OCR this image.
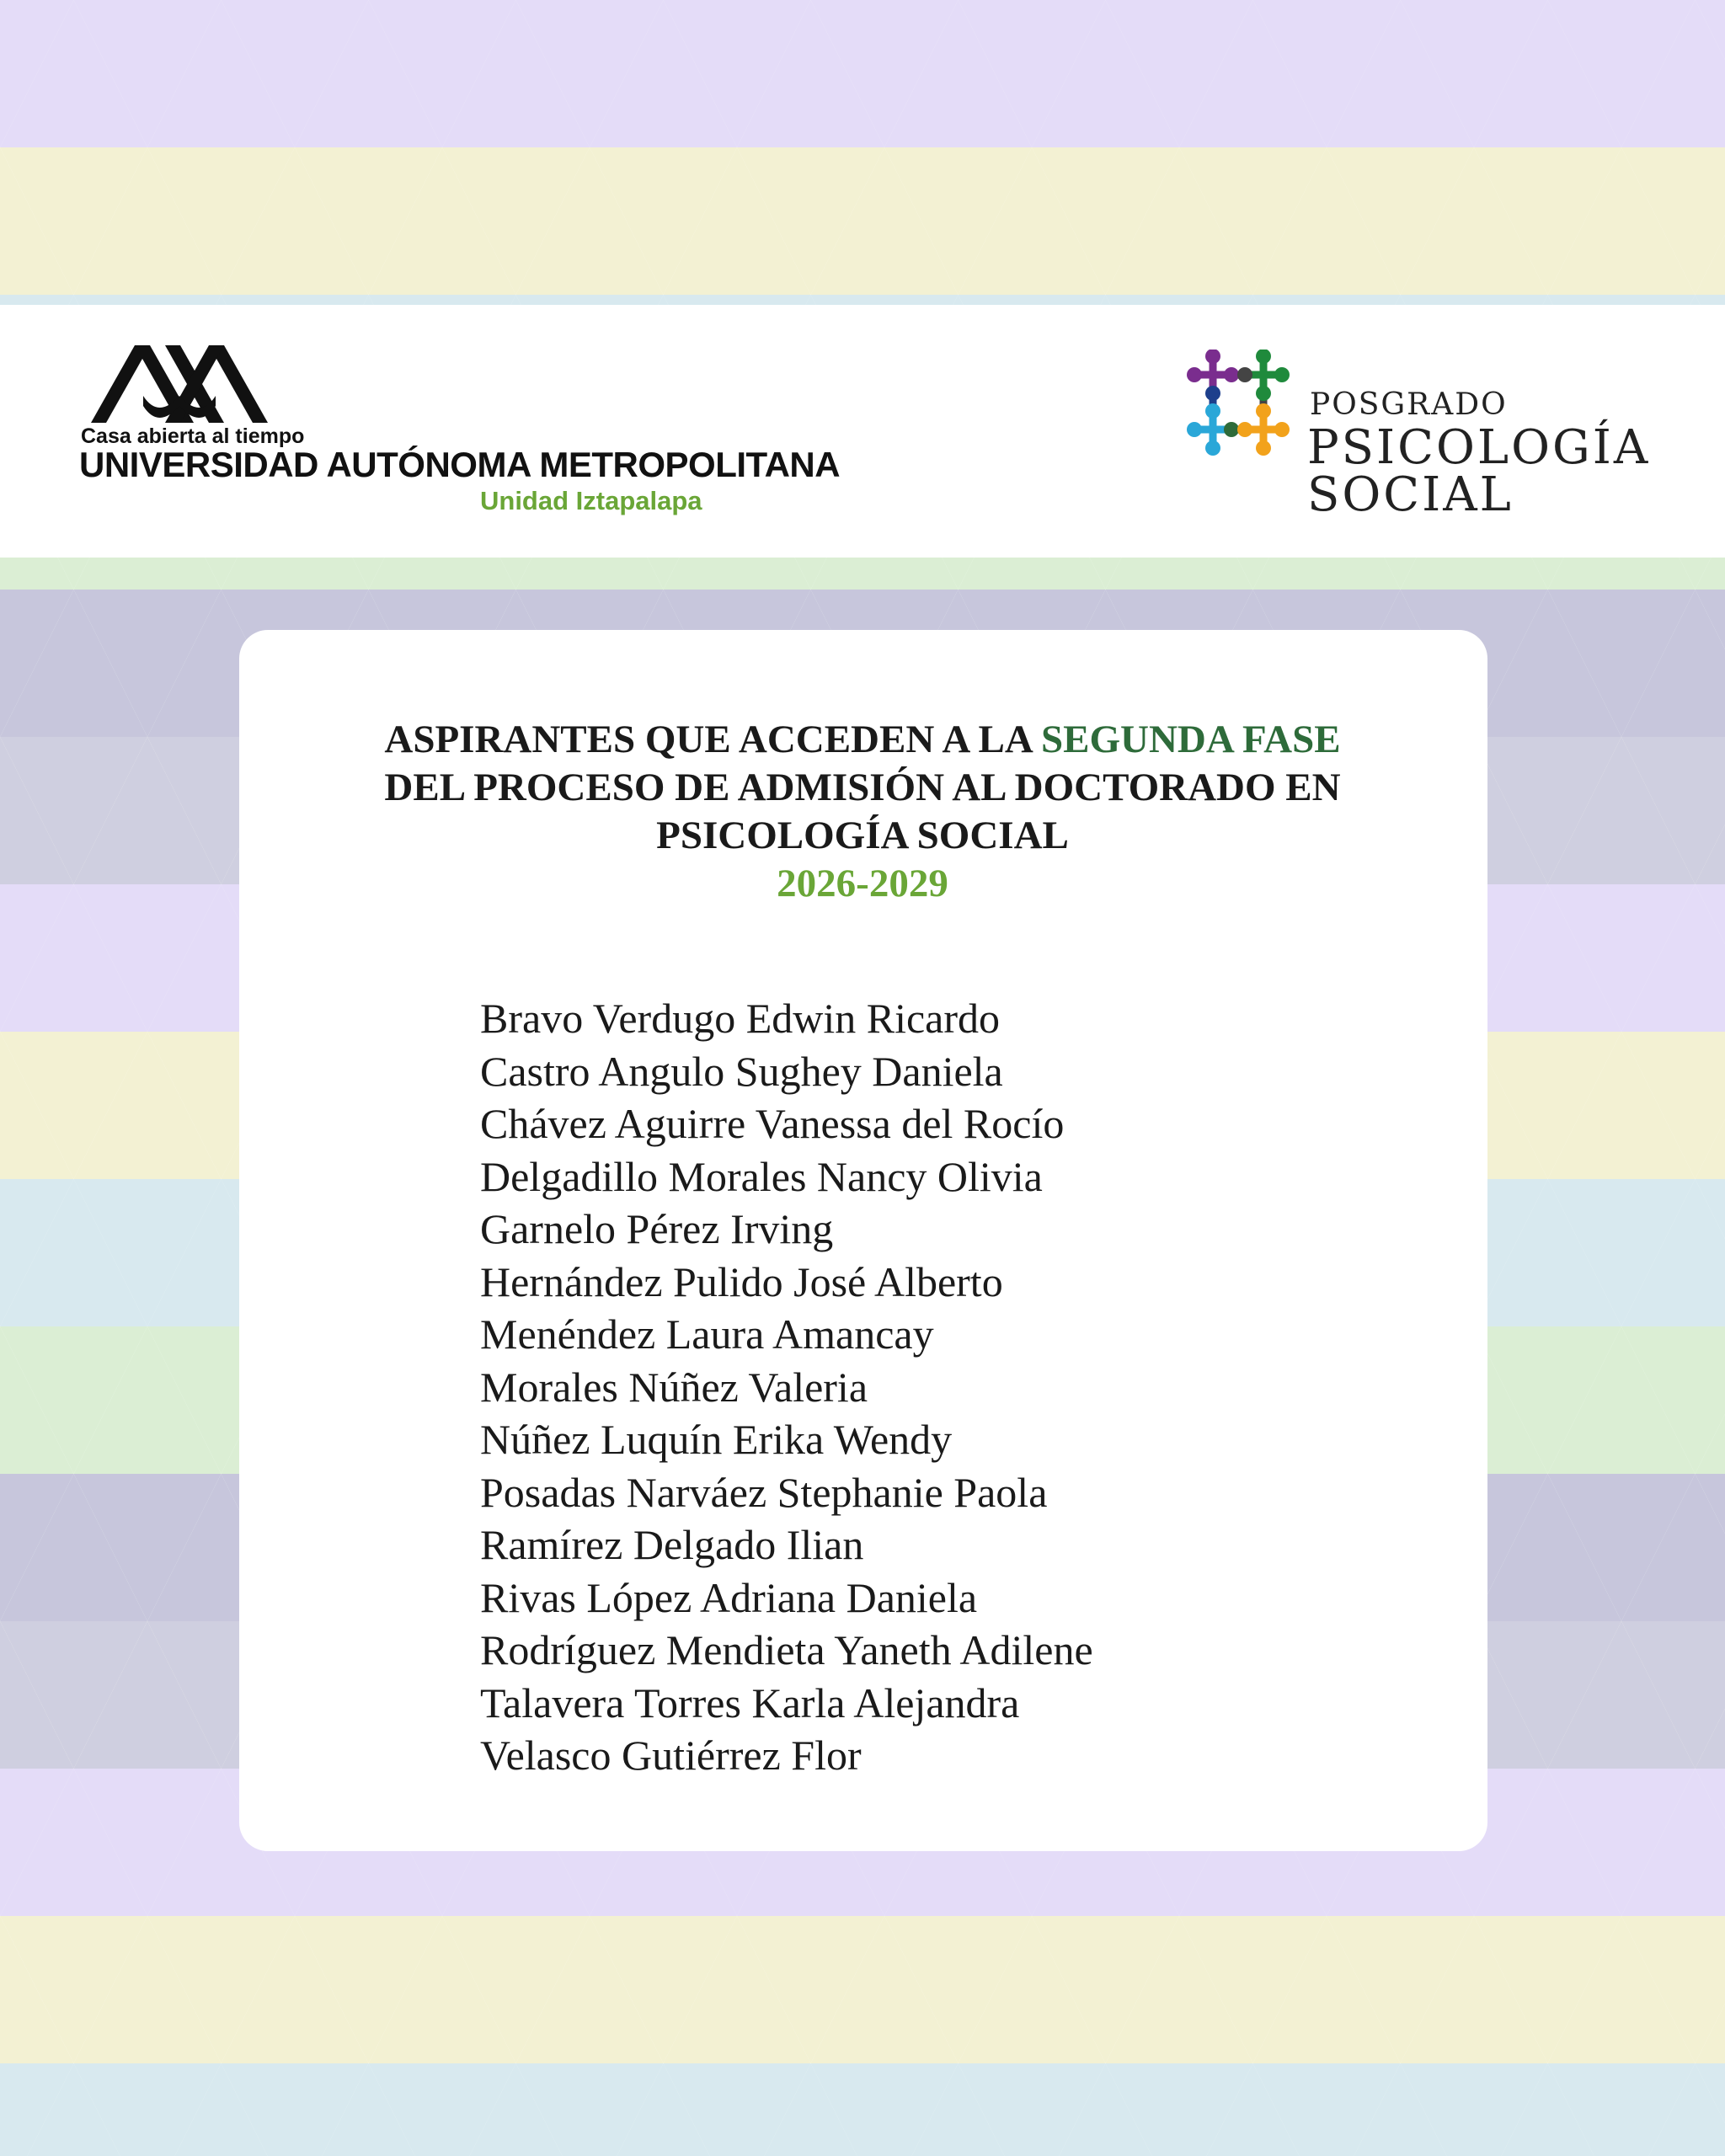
Casa abierta al tiempo
UNIVERSIDAD AUTÓNOMA METROPOLITANA
Unidad Iztapalapa
POSGRADO
PSICOLOGÍA
SOCIAL
ASPIRANTES QUE ACCEDEN A LA SEGUNDA FASE
DEL PROCESO DE ADMISIÓN AL DOCTORADO EN
PSICOLOGÍA SOCIAL
2026-2029
Bravo Verdugo Edwin Ricardo
Castro Angulo Sughey Daniela
Chávez Aguirre Vanessa del Rocío
Delgadillo Morales Nancy Olivia
Garnelo Pérez Irving
Hernández Pulido José Alberto
Menéndez Laura Amancay
Morales Núñez Valeria
Núñez Luquín Erika Wendy
Posadas Narváez Stephanie Paola
Ramírez Delgado Ilian
Rivas López Adriana Daniela
Rodríguez Mendieta Yaneth Adilene
Talavera Torres Karla Alejandra
Velasco Gutiérrez Flor
